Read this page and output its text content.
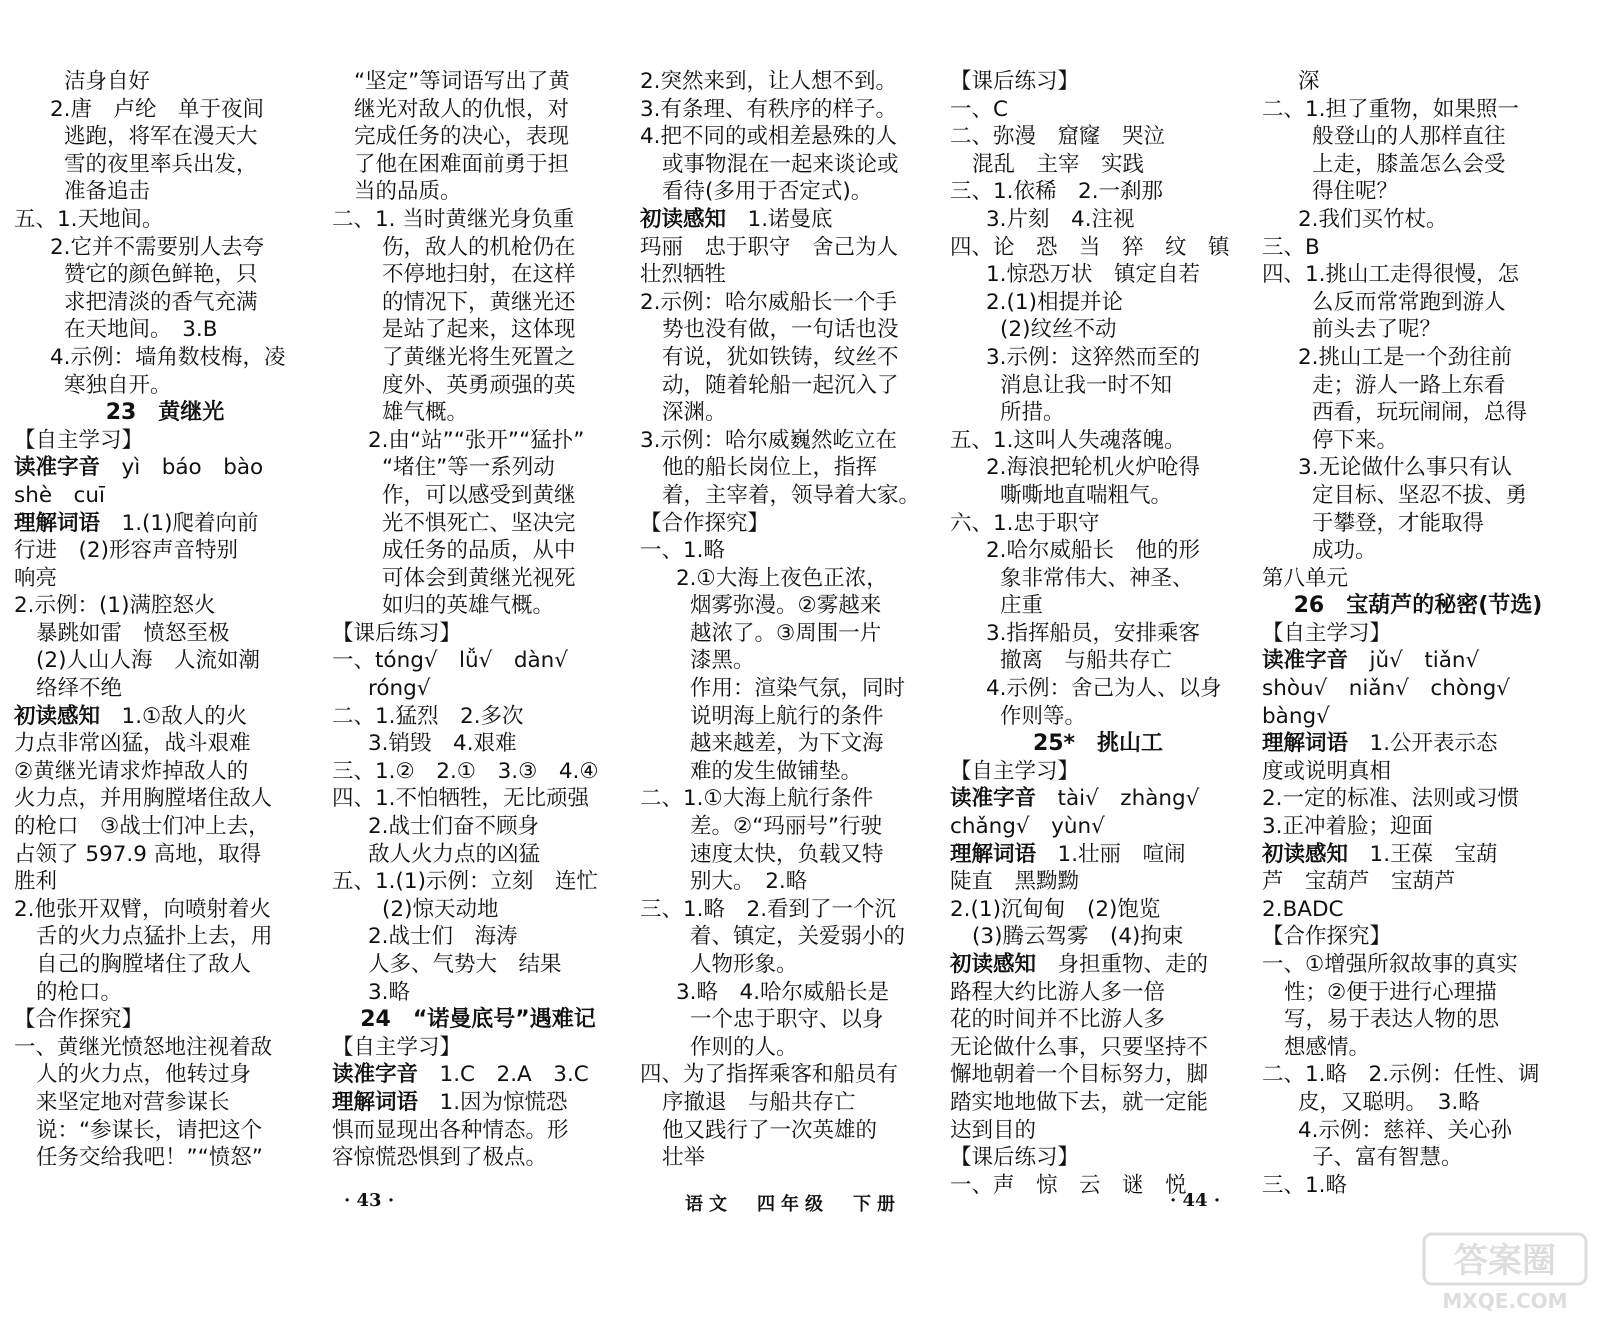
洁身自好
2.唐　卢纶　单于夜间
逃跑，将军在漫天大
雪的夜里率兵出发，
准备追击
五、1.天地间。
2.它并不需要别人去夸
赞它的颜色鲜艳，只
求把清淡的香气充满
在天地间。　3.B
4.示例：墙角数枝梅，凌
寒独自开。
23　黄继光
【自主学习】
读准字音　yì　báo　bào
shè　cuī
理解词语　1.(1)爬着向前
行进　(2)形容声音特别
响亮
2.示例：(1)满腔怒火
暴跳如雷　愤怒至极
(2)人山人海　人流如潮
络绎不绝
初读感知　1.①敌人的火
力点非常凶猛，战斗艰难
②黄继光请求炸掉敌人的
火力点，并用胸膛堵住敌人
的枪口　③战士们冲上去，
占领了 597.9 高地，取得
胜利
2.他张开双臂，向喷射着火
舌的火力点猛扑上去，用
自己的胸膛堵住了敌人
的枪口。
【合作探究】
一、黄继光愤怒地注视着敌
人的火力点，他转过身
来坚定地对营参谋长
说：“参谋长，请把这个
任务交给我吧！”“愤怒”
“坚定”等词语写出了黄
继光对敌人的仇恨，对
完成任务的决心，表现
了他在困难面前勇于担
当的品质。
二、1. 当时黄继光身负重
伤，敌人的机枪仍在
不停地扫射，在这样
的情况下，黄继光还
是站了起来，这体现
了黄继光将生死置之
度外、英勇顽强的英
雄气概。
2.由“站”“张开”“猛扑”
“堵住”等一系列动
作，可以感受到黄继
光不惧死亡、坚决完
成任务的品质，从中
可体会到黄继光视死
如归的英雄气概。
【课后练习】
一、tóng√　lǚ√　dàn√
róng√
二、1.猛烈　2.多次
3.销毁　4.艰难
三、1.②　2.①　3.③　4.④
四、1.不怕牺牲，无比顽强
2.战士们奋不顾身
敌人火力点的凶猛
五、1.(1)示例：立刻　连忙
(2)惊天动地
2.战士们　海涛
人多、气势大　结果
3.略
24　“诺曼底号”遇难记
【自主学习】
读准字音　1.C　2.A　3.C
理解词语　1.因为惊慌恐
惧而显现出各种情态。形
容惊慌恐惧到了极点。
2.突然来到，让人想不到。
3.有条理、有秩序的样子。
4.把不同的或相差悬殊的人
或事物混在一起来谈论或
看待(多用于否定式)。
初读感知　1.诺曼底
玛丽　忠于职守　舍己为人
壮烈牺牲
2.示例：哈尔威船长一个手
势也没有做，一句话也没
有说，犹如铁铸，纹丝不
动，随着轮船一起沉入了
深渊。
3.示例：哈尔威巍然屹立在
他的船长岗位上，指挥
着，主宰着，领导着大家。
【合作探究】
一、1.略
2.①大海上夜色正浓，
烟雾弥漫。②雾越来
越浓了。③周围一片
漆黑。
作用：渲染气氛，同时
说明海上航行的条件
越来越差，为下文海
难的发生做铺垫。
二、1.①大海上航行条件
差。②“玛丽号”行驶
速度太快，负载又特
别大。　2.略
三、1.略　2.看到了一个沉
着、镇定，关爱弱小的
人物形象。
3.略　4.哈尔威船长是
一个忠于职守、以身
作则的人。
四、为了指挥乘客和船员有
序撤退　与船共存亡
他又践行了一次英雄的
壮举
【课后练习】
一、C
二、弥漫　窟窿　哭泣
混乱　主宰　实践
三、1.依稀　2.一刹那
3.片刻　4.注视
四、论　恐　当　猝　纹　镇
1.惊恐万状　镇定自若
2.(1)相提并论
(2)纹丝不动
3.示例：这猝然而至的
消息让我一时不知
所措。
五、1.这叫人失魂落魄。
2.海浪把轮机火炉呛得
嘶嘶地直喘粗气。
六、1.忠于职守
2.哈尔威船长　他的形
象非常伟大、神圣、
庄重
3.指挥船员，安排乘客
撤离　与船共存亡
4.示例：舍己为人、以身
作则等。
25*　挑山工
【自主学习】
读准字音　tài√　zhàng√
chǎng√　yùn√
理解词语　1.壮丽　喧闹
陡直　黑黝黝
2.(1)沉甸甸　(2)饱览
(3)腾云驾雾　(4)拘束
初读感知　身担重物、走的
路程大约比游人多一倍
花的时间并不比游人多
无论做什么事，只要坚持不
懈地朝着一个目标努力，脚
踏实地地做下去，就一定能
达到目的
【课后练习】
一、声　惊　云　谜　悦
深
二、1.担了重物，如果照一
般登山的人那样直往
上走，膝盖怎么会受
得住呢？
2.我们买竹杖。
三、B
四、1.挑山工走得很慢，怎
么反而常常跑到游人
前头去了呢？
2.挑山工是一个劲往前
走；游人一路上东看
西看，玩玩闹闹，总得
停下来。
3.无论做什么事只有认
定目标、坚忍不拔、勇
于攀登，才能取得
成功。
第八单元
26　宝葫芦的秘密(节选)
【自主学习】
读准字音　jǔ√　tiǎn√
shòu√　niǎn√　chòng√
bàng√
理解词语　1.公开表示态
度或说明真相
2.一定的标准、法则或习惯
3.正冲着脸；迎面
初读感知　1.王葆　宝葫
芦　宝葫芦　宝葫芦
2.BADC
【合作探究】
一、①增强所叙故事的真实
性；②便于进行心理描
写，易于表达人物的思
想感情。
二、1.略　2.示例：任性、调
皮，又聪明。　3.略
4.示例：慈祥、关心孙
子、富有智慧。
三、1.略
· 43 ·	语文　四年级　下册	· 44 ·
答案圈
MXQE.COM
